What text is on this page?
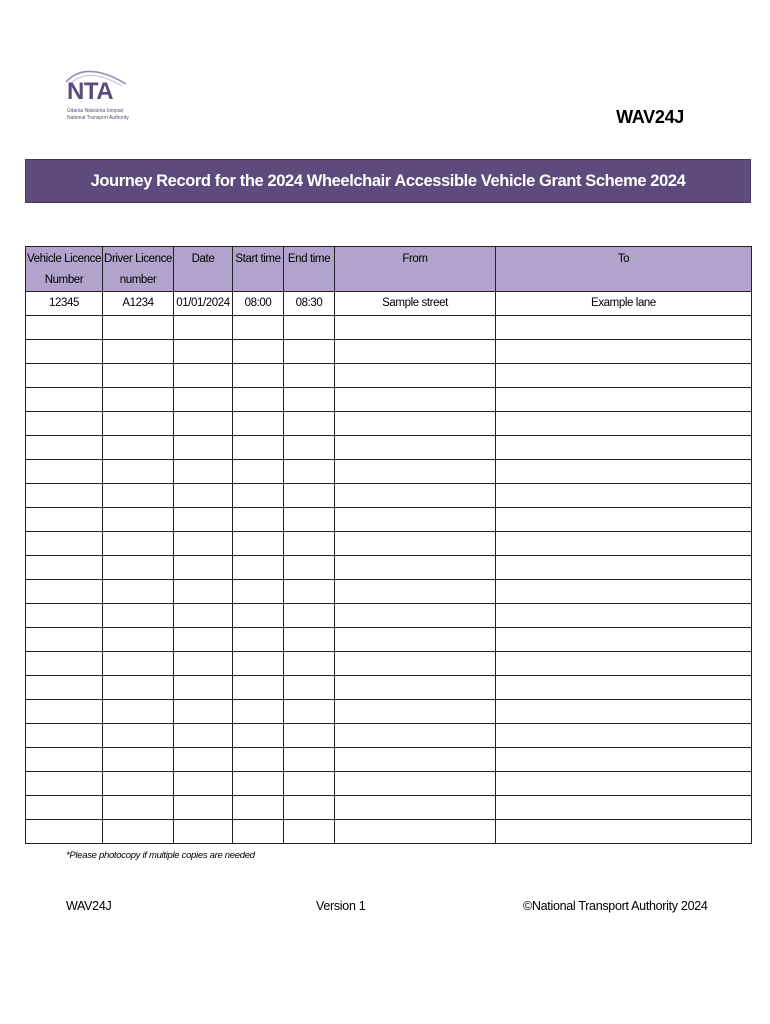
NTA
Údarás Náisiúnta Iompair
National Transport Authority	WAV24J
Journey Record for the 2024 Wheelchair Accessible Vehicle Grant Scheme 2024
Vehicle Licence Number	Driver Licence number	Date	Start time	End time	From	To
12345	A1234	01/01/2024	08:00	08:30	Sample street	Example lane

*Please photocopy if multiple copies are needed
WAV24J	Version 1	©National Transport Authority 2024
